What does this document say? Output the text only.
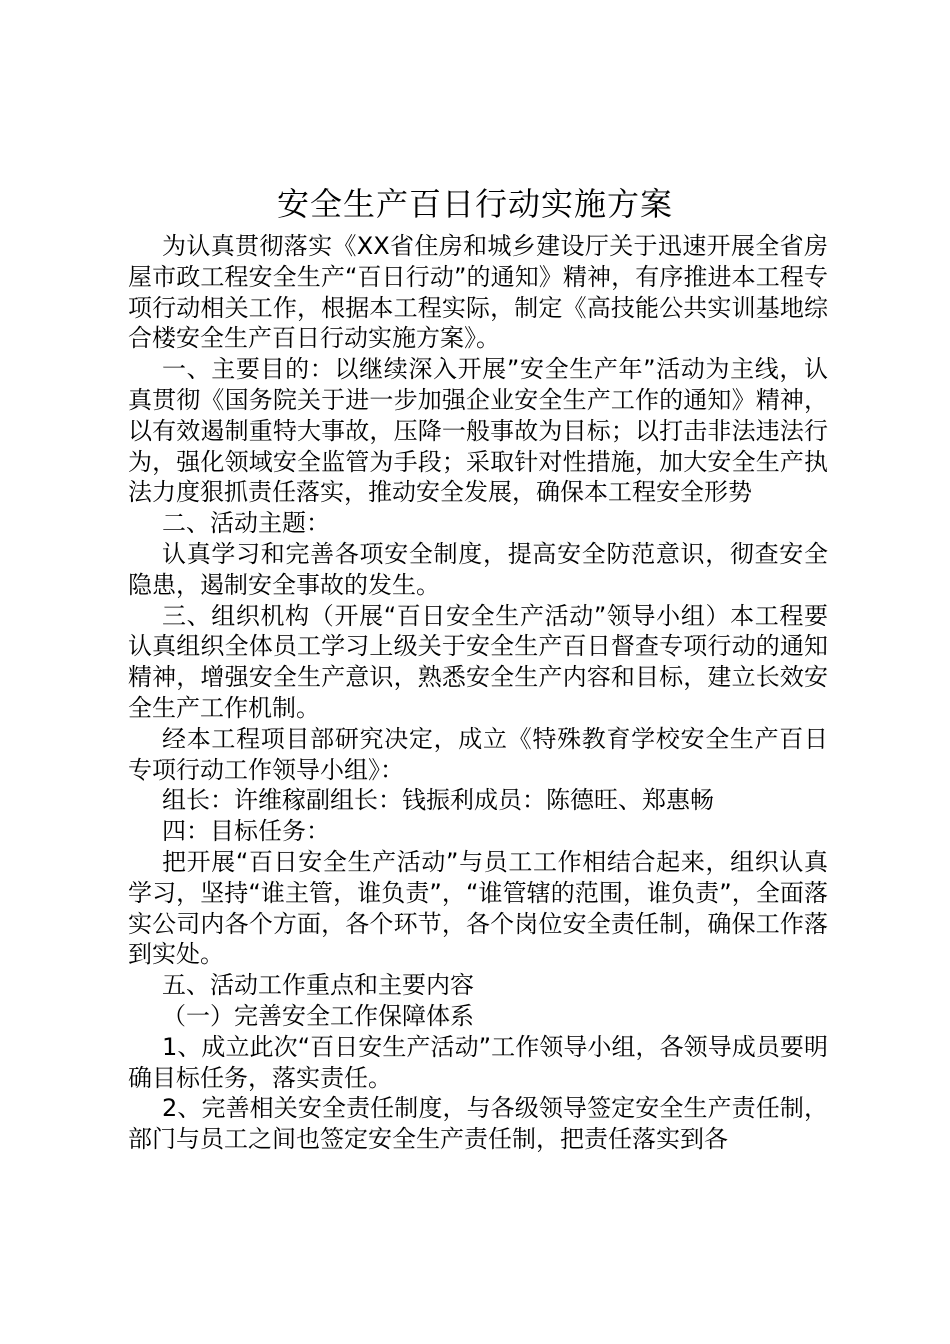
安全生产百日行动实施方案

为认真贯彻落实《XX省住房和城乡建设厅关于迅速开展全省房屋市政工程安全生产“百日行动”的通知》精神，有序推进本工程专项行动相关工作，根据本工程实际，制定《高技能公共实训基地综合楼安全生产百日行动实施方案》。

一、主要目的：以继续深入开展”安全生产年”活动为主线，认真贯彻《国务院关于进一步加强企业安全生产工作的通知》精神，以有效遏制重特大事故，压降一般事故为目标；以打击非法违法行为，强化领域安全监管为手段；采取针对性措施，加大安全生产执法力度狠抓责任落实，推动安全发展，确保本工程安全形势

二、活动主题：

认真学习和完善各项安全制度，提高安全防范意识，彻查安全隐患，遏制安全事故的发生。

三、组织机构（开展“百日安全生产活动”领导小组）本工程要认真组织全体员工学习上级关于安全生产百日督查专项行动的通知精神，增强安全生产意识，熟悉安全生产内容和目标，建立长效安全生产工作机制。

经本工程项目部研究决定，成立《特殊教育学校安全生产百日专项行动工作领导小组》：

组长：许维稼副组长：钱振利成员：陈德旺、郑惠畅

四：目标任务：

把开展“百日安全生产活动”与员工工作相结合起来，组织认真学习，坚持“谁主管，谁负责”，“谁管辖的范围，谁负责”，全面落实公司内各个方面，各个环节，各个岗位安全责任制，确保工作落到实处。

五、活动工作重点和主要内容

（一）完善安全工作保障体系

1、成立此次“百日安生产活动”工作领导小组，各领导成员要明确目标任务，落实责任。

2、完善相关安全责任制度，与各级领导签定安全生产责任制，部门与员工之间也签定安全生产责任制，把责任落实到各
